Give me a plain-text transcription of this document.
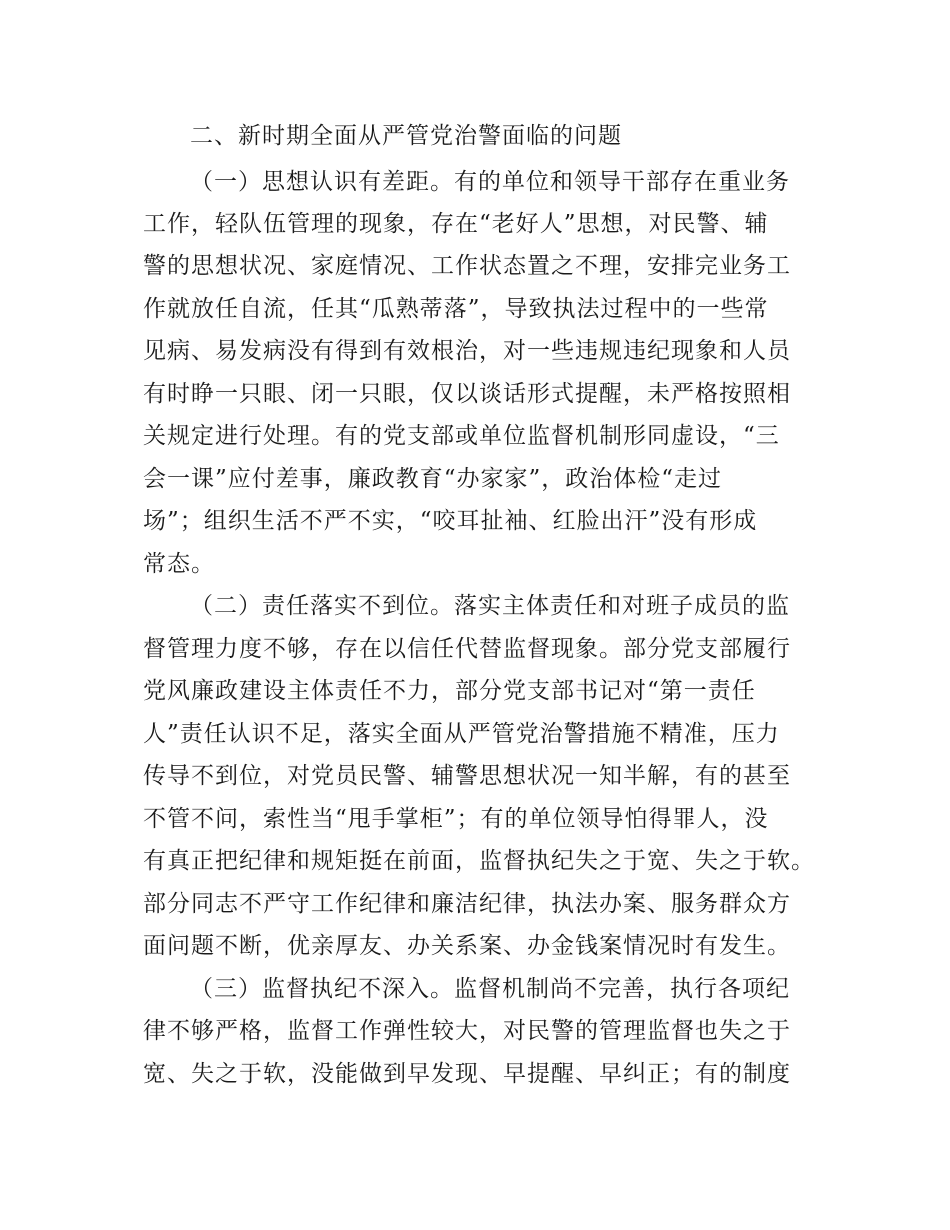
二、新时期全面从严管党治警面临的问题
（一）思想认识有差距。有的单位和领导干部存在重业务
工作，轻队伍管理的现象，存在“老好人”思想，对民警、辅
警的思想状况、家庭情况、工作状态置之不理，安排完业务工
作就放任自流，任其“瓜熟蒂落”，导致执法过程中的一些常
见病、易发病没有得到有效根治，对一些违规违纪现象和人员
有时睁一只眼、闭一只眼，仅以谈话形式提醒，未严格按照相
关规定进行处理。有的党支部或单位监督机制形同虚设，“三
会一课”应付差事，廉政教育“办家家”，政治体检“走过
场”；组织生活不严不实，“咬耳扯袖、红脸出汗”没有形成
常态。
（二）责任落实不到位。落实主体责任和对班子成员的监
督管理力度不够，存在以信任代替监督现象。部分党支部履行
党风廉政建设主体责任不力，部分党支部书记对“第一责任
人”责任认识不足，落实全面从严管党治警措施不精准，压力
传导不到位，对党员民警、辅警思想状况一知半解，有的甚至
不管不问，索性当“甩手掌柜”；有的单位领导怕得罪人，没
有真正把纪律和规矩挺在前面，监督执纪失之于宽、失之于软。
部分同志不严守工作纪律和廉洁纪律，执法办案、服务群众方
面问题不断，优亲厚友、办关系案、办金钱案情况时有发生。
（三）监督执纪不深入。监督机制尚不完善，执行各项纪
律不够严格，监督工作弹性较大，对民警的管理监督也失之于
宽、失之于软，没能做到早发现、早提醒、早纠正；有的制度
